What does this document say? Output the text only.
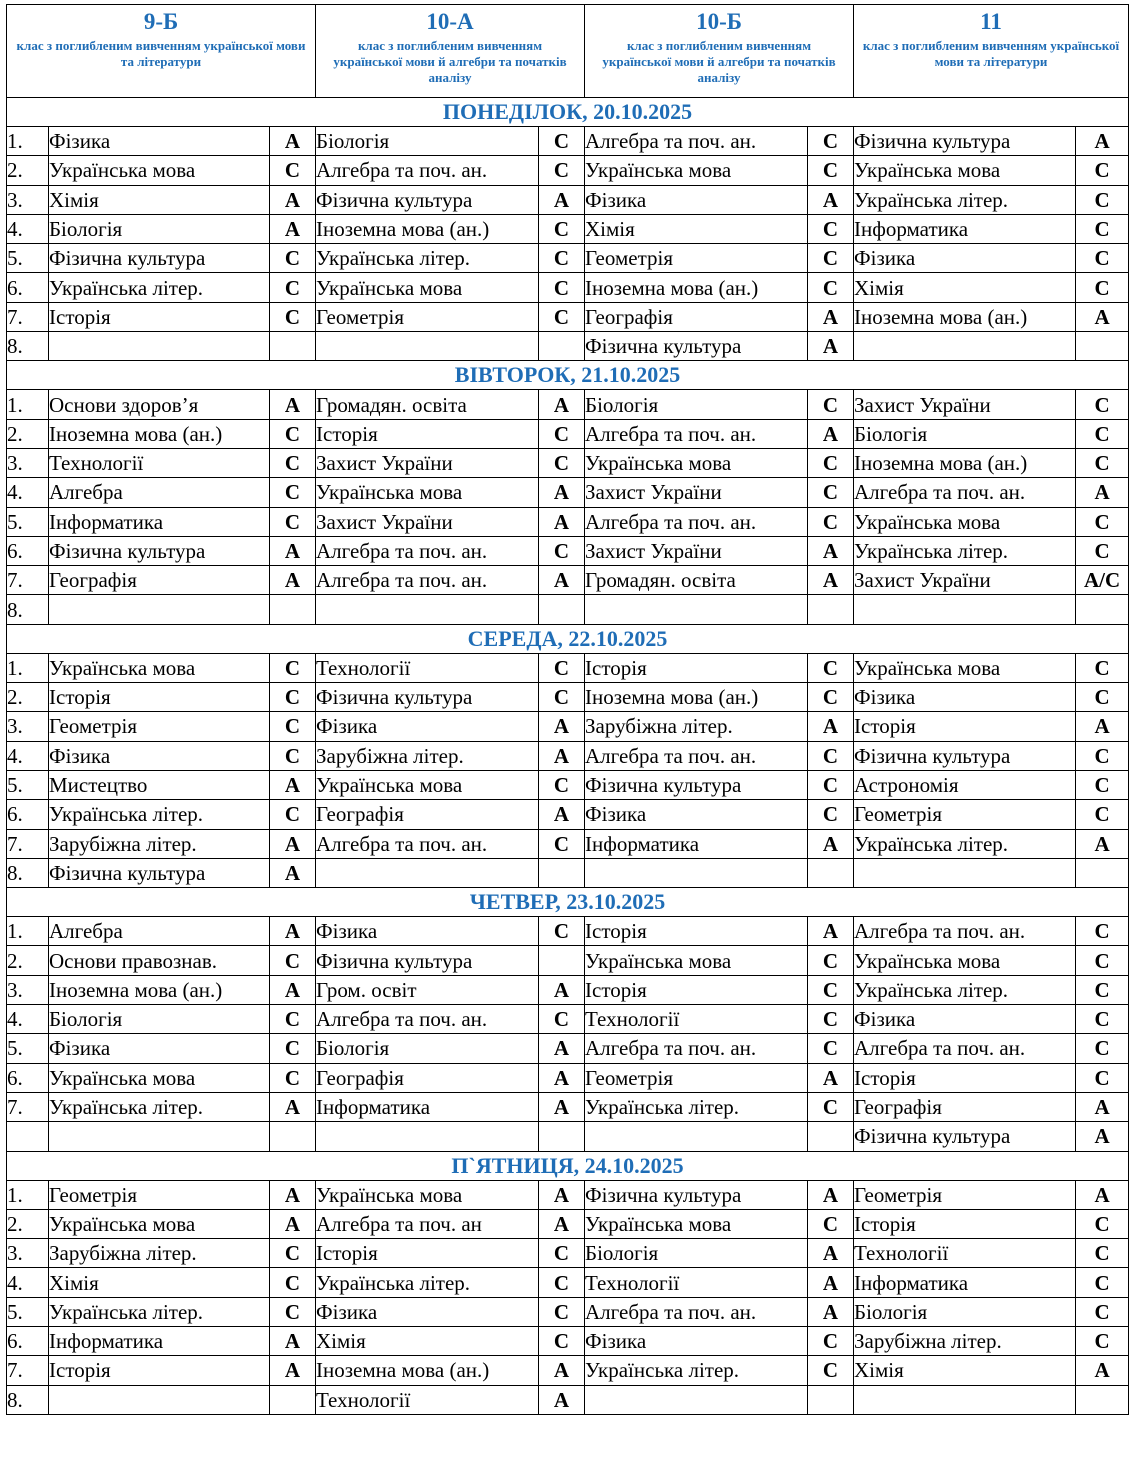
9-Б
клас з поглибленим вивченням української мови та літератури			10-А
клас з поглибленим вивченням української мови й алгебри та початків аналізу		10-Б
клас з поглибленим вивченням української мови й алгебри та початків аналізу		11
клас з поглибленим вивченням української мови та літератури	

ПОНЕДІЛОК, 20.10.2025								
1.	Фізика	А	Біологія	С	Алгебра та поч. ан.	С	Фізична культура	А
2.	Українська мова	С	Алгебра та поч. ан.	С	Українська мова	С	Українська мова	С
3.	Хімія	А	Фізична культура	А	Фізика	А	Українська літер.	С
4.	Біологія	А	Іноземна мова (ан.)	С	Хімія	С	Інформатика	С
5.	Фізична культура	С	Українська літер.	С	Геометрія	С	Фізика	С
6.	Українська літер.	С	Українська мова	С	Іноземна мова (ан.)	С	Хімія	С
7.	Історія	С	Геометрія	С	Географія	А	Іноземна мова (ан.)	А
8.					Фізична культура	А		
ВІВТОРОК, 21.10.2025								
1.	Основи здоров’я	А	Громадян. освіта	А	Біологія	С	Захист України	С
2.	Іноземна мова (ан.)	С	Історія	С	Алгебра та поч. ан.	А	Біологія	С
3.	Технології	С	Захист України	С	Українська мова	С	Іноземна мова (ан.)	С
4.	Алгебра	С	Українська мова	А	Захист України	С	Алгебра та поч. ан.	А
5.	Інформатика	С	Захист України	А	Алгебра та поч. ан.	С	Українська мова	С
6.	Фізична культура	А	Алгебра та поч. ан.	С	Захист України	А	Українська літер.	С
7.	Географія	А	Алгебра та поч. ан.	А	Громадян. освіта	А	Захист України	А/С
8.								
СЕРЕДА, 22.10.2025								
1.	Українська мова	С	Технології	С	Історія	С	Українська мова	С
2.	Історія	С	Фізична культура	С	Іноземна мова (ан.)	С	Фізика	С
3.	Геометрія	С	Фізика	А	Зарубіжна літер.	А	Історія	А
4.	Фізика	С	Зарубіжна літер.	А	Алгебра та поч. ан.	С	Фізична культура	С
5.	Мистецтво	А	Українська мова	С	Фізична культура	С	Астрономія	С
6.	Українська літер.	С	Географія	А	Фізика	С	Геометрія	С
7.	Зарубіжна літер.	А	Алгебра та поч. ан.	С	Інформатика	А	Українська літер.	А
8.	Фізична культура	А						
ЧЕТВЕР, 23.10.2025								
1.	Алгебра	А	Фізика	С	Історія	А	Алгебра та поч. ан.	С
2.	Основи правознав.	С	Фізична культура		Українська мова	С	Українська мова	С
3.	Іноземна мова (ан.)	А	Гром. освіт	А	Історія	С	Українська літер.	С
4.	Біологія	С	Алгебра та поч. ан.	С	Технології	С	Фізика	С
5.	Фізика	С	Біологія	А	Алгебра та поч. ан.	С	Алгебра та поч. ан.	С
6.	Українська мова	С	Географія	А	Геометрія	А	Історія	С
7.	Українська літер.	А	Інформатика	А	Українська літер.	С	Географія	А
							Фізична культура	А
П`ЯТНИЦЯ, 24.10.2025								
1.	Геометрія	А	Українська мова	А	Фізична культура	А	Геометрія	А
2.	Українська мова	А	Алгебра та поч. ан	А	Українська мова	С	Історія	С
3.	Зарубіжна літер.	С	Історія	С	Біологія	А	Технології	С
4.	Хімія	С	Українська літер.	С	Технології	А	Інформатика	С
5.	Українська літер.	С	Фізика	С	Алгебра та поч. ан.	А	Біологія	С
6.	Інформатика	А	Хімія	С	Фізика	С	Зарубіжна літер.	С
7.	Історія	А	Іноземна мова (ан.)	А	Українська літер.	С	Хімія	А
8.			Технології	А				
